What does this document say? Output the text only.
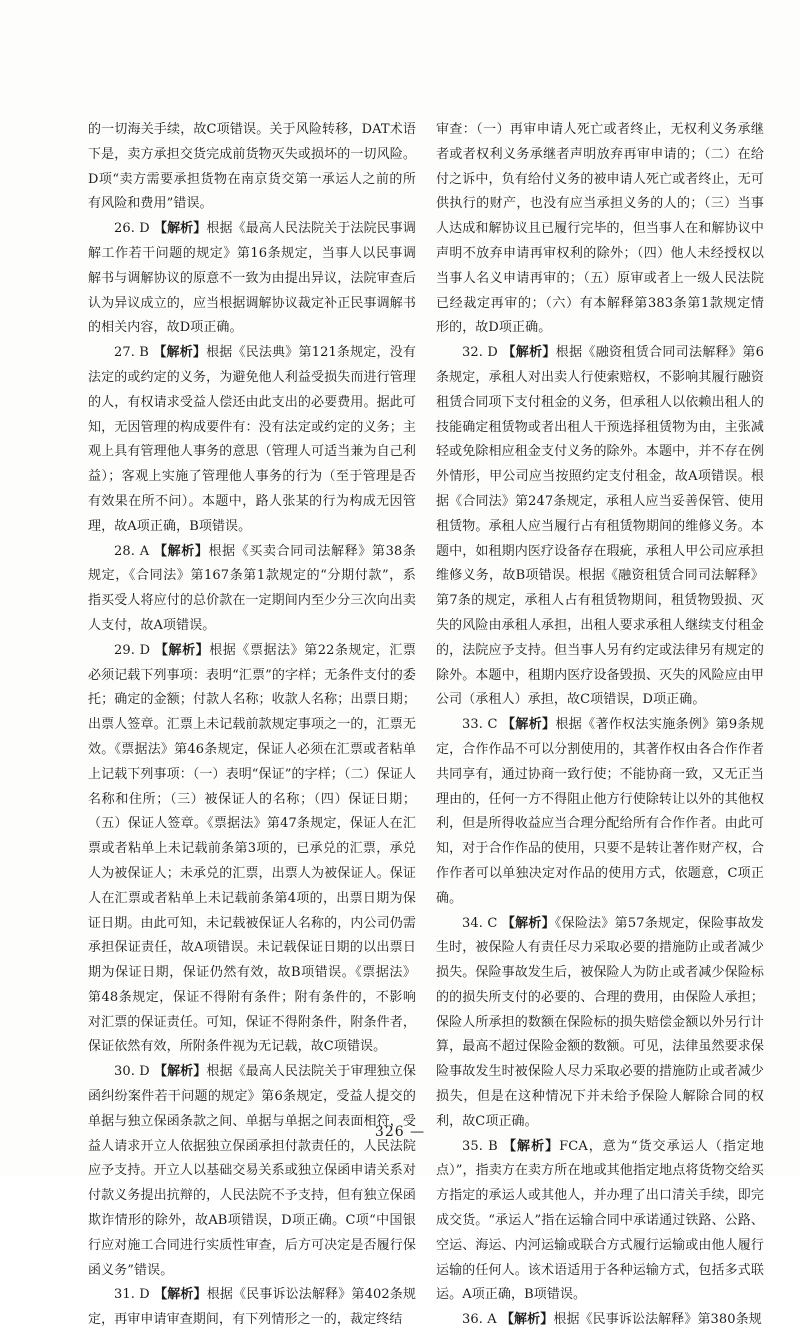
的一切海关手续，故C项错误。关于风险转移，DAT术语下是，卖方承担交货完成前货物灭失或损坏的一切风险。D项“卖方需要承担货物在南京货交第一承运人之前的所有风险和费用”错误。

26. D 【解析】根据《最高人民法院关于法院民事调解工作若干问题的规定》第16条规定，当事人以民事调解书与调解协议的原意不一致为由提出异议，法院审查后认为异议成立的，应当根据调解协议裁定补正民事调解书的相关内容，故D项正确。

27. B 【解析】根据《民法典》第121条规定，没有法定的或约定的义务，为避免他人利益受损失而进行管理的人，有权请求受益人偿还由此支出的必要费用。据此可知，无因管理的构成要件有：没有法定或约定的义务；主观上具有管理他人事务的意思（管理人可适当兼为自己利益）；客观上实施了管理他人事务的行为（至于管理是否有效果在所不问）。本题中，路人张某的行为构成无因管理，故A项正确，B项错误。

28. A 【解析】根据《买卖合同司法解释》第38条规定，《合同法》第167条第1款规定的“分期付款”，系指买受人将应付的总价款在一定期间内至少分三次向出卖人支付，故A项错误。

29. D 【解析】根据《票据法》第22条规定，汇票必须记载下列事项：表明“汇票”的字样；无条件支付的委托；确定的金额；付款人名称；收款人名称；出票日期；出票人签章。汇票上未记载前款规定事项之一的，汇票无效。《票据法》第46条规定，保证人必须在汇票或者粘单上记载下列事项：（一）表明“保证”的字样；（二）保证人名称和住所；（三）被保证人的名称；（四）保证日期；（五）保证人签章。《票据法》第47条规定，保证人在汇票或者粘单上未记载前条第3项的，已承兑的汇票，承兑人为被保证人；未承兑的汇票，出票人为被保证人。保证人在汇票或者粘单上未记载前条第4项的，出票日期为保证日期。由此可知，未记载被保证人名称的，内公司仍需承担保证责任，故A项错误。未记载保证日期的以出票日期为保证日期，保证仍然有效，故B项错误。《票据法》第48条规定，保证不得附有条件；附有条件的，不影响对汇票的保证责任。可知，保证不得附条件，附条件者，保证依然有效，所附条件视为无记载，故C项错误。

30. D 【解析】根据《最高人民法院关于审理独立保函纠纷案件若干问题的规定》第6条规定，受益人提交的单据与独立保函条款之间、单据与单据之间表面相符，受益人请求开立人依据独立保函承担付款责任的，人民法院应予支持。开立人以基础交易关系或独立保函申请关系对付款义务提出抗辩的，人民法院不予支持，但有独立保函欺诈情形的除外，故AB项错误，D项正确。C项“中国银行应对施工合同进行实质性审查，后方可决定是否履行保函义务”错误。

31. D 【解析】根据《民事诉讼法解释》第402条规定，再审申请审查期间，有下列情形之一的，裁定终结

审查：（一）再审申请人死亡或者终止，无权利义务承继者或者权利义务承继者声明放弃再审申请的；（二）在给付之诉中，负有给付义务的被申请人死亡或者终止，无可供执行的财产，也没有应当承担义务的人的；（三）当事人达成和解协议且已履行完毕的，但当事人在和解协议中声明不放弃申请再审权利的除外；（四）他人未经授权以当事人名义申请再审的；（五）原审或者上一级人民法院已经裁定再审的；（六）有本解释第383条第1款规定情形的，故D项正确。

32. D 【解析】根据《融资租赁合同司法解释》第6条规定，承租人对出卖人行使索赔权，不影响其履行融资租赁合同项下支付租金的义务，但承租人以依赖出租人的技能确定租赁物或者出租人干预选择租赁物为由，主张减轻或免除相应租金支付义务的除外。本题中，并不存在例外情形，甲公司应当按照约定支付租金，故A项错误。根据《合同法》第247条规定，承租人应当妥善保管、使用租赁物。承租人应当履行占有租赁物期间的维修义务。本题中，如租期内医疗设备存在瑕疵，承租人甲公司应承担维修义务，故B项错误。根据《融资租赁合同司法解释》第7条的规定，承租人占有租赁物期间，租赁物毁损、灭失的风险由承租人承担，出租人要求承租人继续支付租金的，法院应予支持。但当事人另有约定或法律另有规定的除外。本题中，租期内医疗设备毁损、灭失的风险应由甲公司（承租人）承担，故C项错误，D项正确。

33. C 【解析】根据《著作权法实施条例》第9条规定，合作作品不可以分割使用的，其著作权由各合作作者共同享有，通过协商一致行使；不能协商一致，又无正当理由的，任何一方不得阻止他方行使除转让以外的其他权利，但是所得收益应当合理分配给所有合作作者。由此可知，对于合作作品的使用，只要不是转让著作财产权，合作作者可以单独决定对作品的使用方式，依题意，C项正确。

34. C 【解析】《保险法》第57条规定，保险事故发生时，被保险人有责任尽力采取必要的措施防止或者减少损失。保险事故发生后，被保险人为防止或者减少保险标的的损失所支付的必要的、合理的费用，由保险人承担；保险人所承担的数额在保险标的损失赔偿金额以外另行计算，最高不超过保险金额的数额。可见，法律虽然要求保险事故发生时被保险人尽力采取必要的措施防止或者减少损失，但是在这种情况下并未给予保险人解除合同的权利，故C项正确。

35. B 【解析】FCA，意为“货交承运人（指定地点）”，指卖方在卖方所在地或其他指定地点将货物交给买方指定的承运人或其他人，并办理了出口清关手续，即完成交货。“承运人”指在运输合同中承诺通过铁路、公路、空运、海运、内河运输或联合方式履行运输或由他人履行运输的任何人。该术语适用于各种运输方式，包括多式联运。A项正确，B项错误。

36. A 【解析】根据《民事诉讼法解释》第380条规

326 —
